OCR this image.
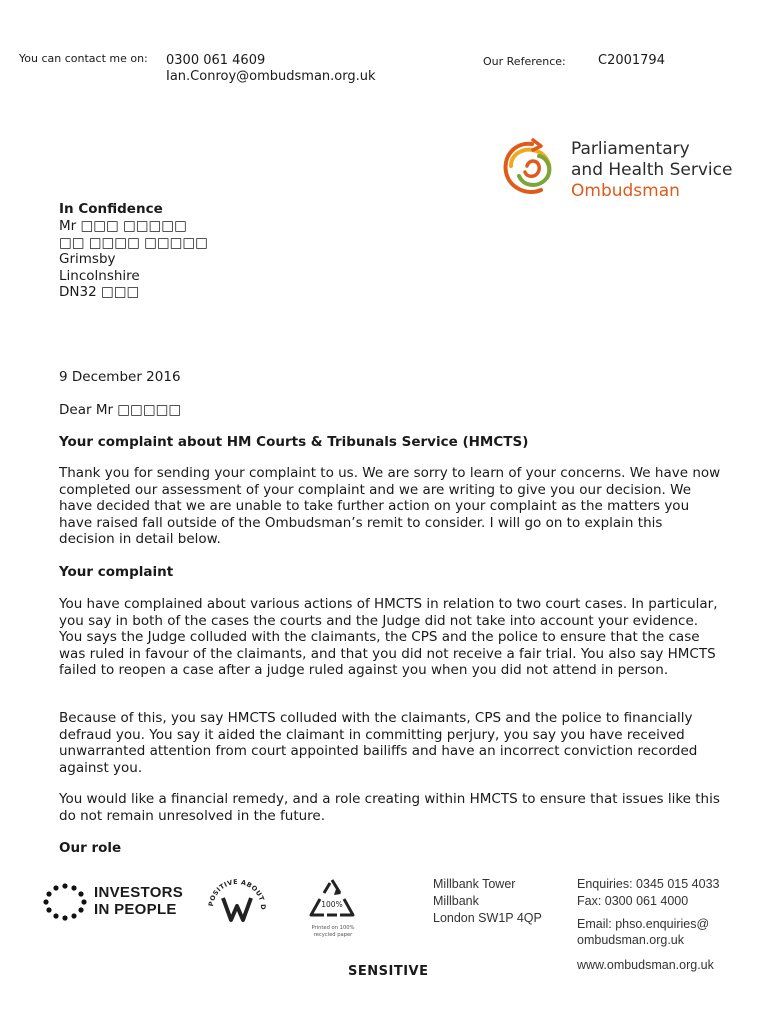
You can contact me on: 0300 061 4609
Ian.Conroy@ombudsman.org.uk
Our Reference: C2001794
Parliamentary
and Health Service
Ombudsman
In Confidence
Mr □□□ □□□□□
□□ □□□□ □□□□□
Grimsby
Lincolnshire
DN32 □□□
9 December 2016
Dear Mr □□□□□
Your complaint about HM Courts & Tribunals Service (HMCTS)

Thank you for sending your complaint to us. We are sorry to learn of your concerns. We have now completed our assessment of your complaint and we are writing to give you our decision. We have decided that we are unable to take further action on your complaint as the matters you have raised fall outside of the Ombudsman’s remit to consider. I will go on to explain this decision in detail below.

Your complaint

You have complained about various actions of HMCTS in relation to two court cases. In particular, you say in both of the cases the courts and the Judge did not take into account your evidence. You says the Judge colluded with the claimants, the CPS and the police to ensure that the case was ruled in favour of the claimants, and that you did not receive a fair trial. You also say HMCTS failed to reopen a case after a judge ruled against you when you did not attend in person.

Because of this, you say HMCTS colluded with the claimants, CPS and the police to financially defraud you. You say it aided the claimant in committing perjury, you say you have received unwarranted attention from court appointed bailiffs and have an incorrect conviction recorded against you.

You would like a financial remedy, and a role creating within HMCTS to ensure that issues like this do not remain unresolved in the future.

Our role
INVESTORS
IN PEOPLE	POSITIVE ABOUT D	100%
Printed on 100% recycled paper
Millbank Tower
Millbank
London SW1P 4QP
Enquiries: 0345 015 4033
Fax: 0300 061 4000
Email: phso.enquiries@
ombudsman.org.uk
www.ombudsman.org.uk
SENSITIVE
